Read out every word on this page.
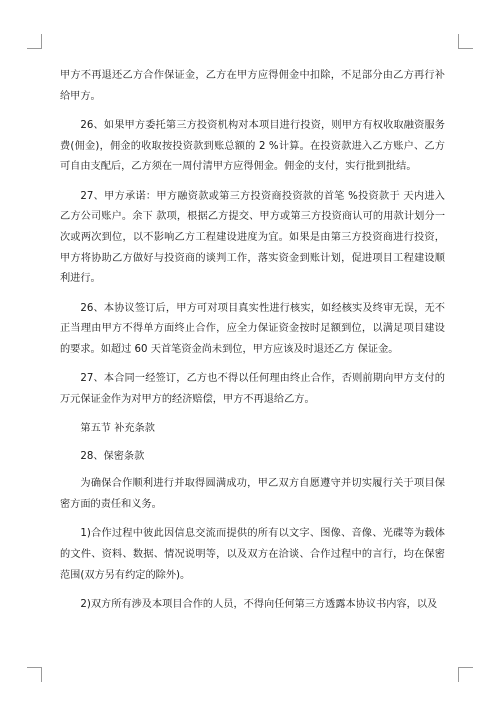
甲方不再退还乙方合作保证金，乙方在甲方应得佣金中扣除，不足部分由乙方再行补给甲方。

26、如果甲方委托第三方投资机构对本项目进行投资，则甲方有权收取融资服务费(佣金)，佣金的收取按投资款到账总额的 2 %计算。在投资款进入乙方账户、乙方可自由支配后，乙方须在一周付清甲方应得佣金。佣金的支付，实行批到批结。

27、甲方承诺：甲方融资款或第三方投资商投资款的首笔 %投资款于 天内进入乙方公司账户。余下 款项，根据乙方提交、甲方或第三方投资商认可的用款计划分一次或两次到位，以不影响乙方工程建设进度为宜。如果是由第三方投资商进行投资，甲方将协助乙方做好与投资商的谈判工作，落实资金到账计划，促进项目工程建设顺利进行。

26、本协议签订后，甲方可对项目真实性进行核实，如经核实及终审无误，无不正当理由甲方不得单方面终止合作，应全力保证资金按时足额到位，以满足项目建设的要求。如超过 60 天首笔资金尚未到位，甲方应该及时退还乙方 保证金。

27、本合同一经签订，乙方也不得以任何理由终止合作，否则前期向甲方支付的万元保证金作为对甲方的经济赔偿，甲方不再退给乙方。

第五节 补充条款

28、保密条款

为确保合作顺利进行并取得圆满成功，甲乙双方自愿遵守并切实履行关于项目保密方面的责任和义务。

1)合作过程中彼此因信息交流而提供的所有以文字、图像、音像、光碟等为载体的文件、资料、数据、情况说明等，以及双方在洽谈、合作过程中的言行，均在保密范围(双方另有约定的除外)。

2)双方所有涉及本项目合作的人员，不得向任何第三方透露本协议书内容，以及
